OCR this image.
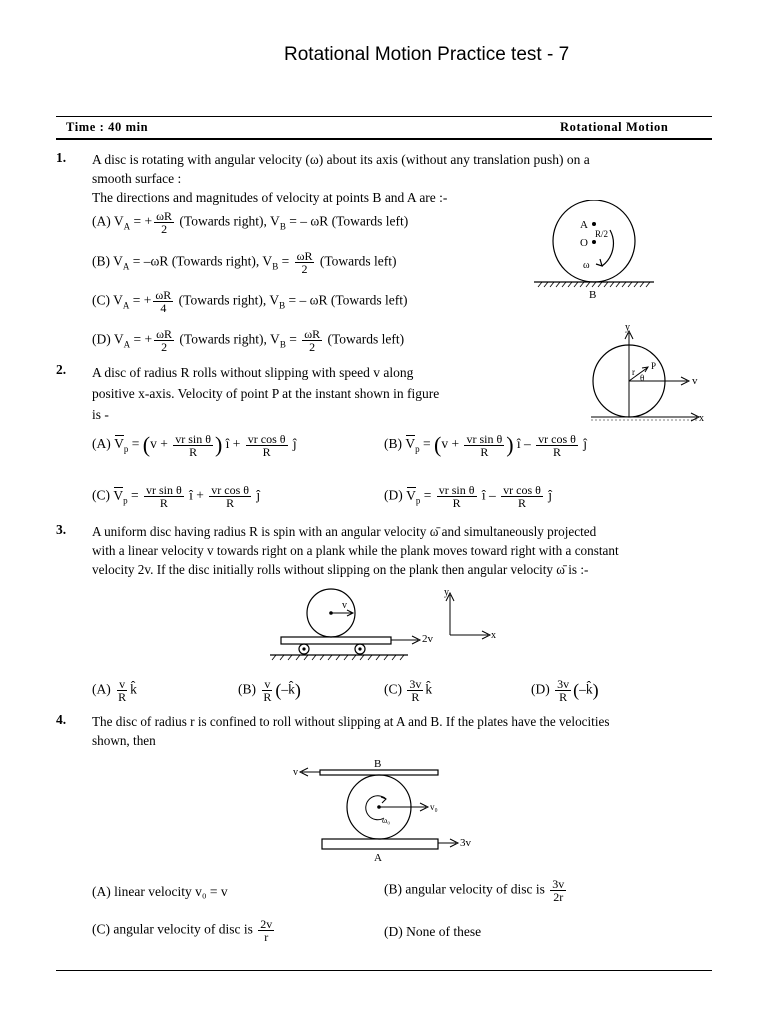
Rotational Motion Practice test - 7
Time : 40 min	Rotational Motion
1. A disc is rotating with angular velocity (ω) about its axis (without any translation push) on a
smooth surface :
The directions and magnitudes of velocity at points B and A are :-
(A) $V_A$ = + $\frac{\omega R}{2}$ (Towards right), $V_B$ = – ωR (Towards left)
(B) $V_A = -\omega R$ (Towards right), $V_B = \frac{\omega R}{2}$ (Towards left)
(C) $V_A$ = + $\frac{\omega R}{4}$ (Towards right), $V_B$ = – ωR (Towards left)
(D) $V_A$ = + $\frac{\omega R}{2}$ (Towards right), $V_B = \frac{\omega R}{2}$ (Towards left)
A
O
R/2
ω
B
2. A disc of radius R rolls without slipping with speed v along
positive x-axis. Velocity of point P at the instant shown in figure
is -
y
x
v
r
P
θ
(A) $V_p = (v + \frac{\text{vr sin θ}}{R}$ ) î + $\frac{\text{vr cos θ}}{R}$ ĵ	(B) $V_p = (v + \frac{\text{vr sin θ}}{R}$ ) î – $\frac{\text{vr cos θ}}{R}$ ĵ
(C) $V_p = \frac{\text{vr sin θ}}{R}$ î + $\frac{\text{vr cos θ}}{R}$ ĵ	(D) $V_p = \frac{\text{vr sin θ}}{R}$ î – $\frac{\text{vr cos θ}}{R}$ ĵ
3. A uniform disc having radius R is spin with an angular velocity ω̄ and simultaneously projected
with a linear velocity v towards right on a plank while the plank moves toward right with a constant
velocity 2v. If the disc initially rolls without slipping on the plank then angular velocity ω̄ is :-
v
2v
y
x
$(A) \frac{v}{R}$ k̂	$(B) \frac{v}{R}$ (–k̂)	$(C) \frac{3v}{R}$ k̂	$(D) \frac{3v}{R}$ (–k̂)
4. The disc of radius r is confined to roll without slipping at A and B. If the plates have the velocities
shown, then
B
A
v
v₀
ω₀
3v
(A) linear velocity v₀ = v	(B) angular velocity of disc is $\frac{3v}{2r}$
(C) angular velocity of disc is $\frac{2v}{r}$	(D) None of these
